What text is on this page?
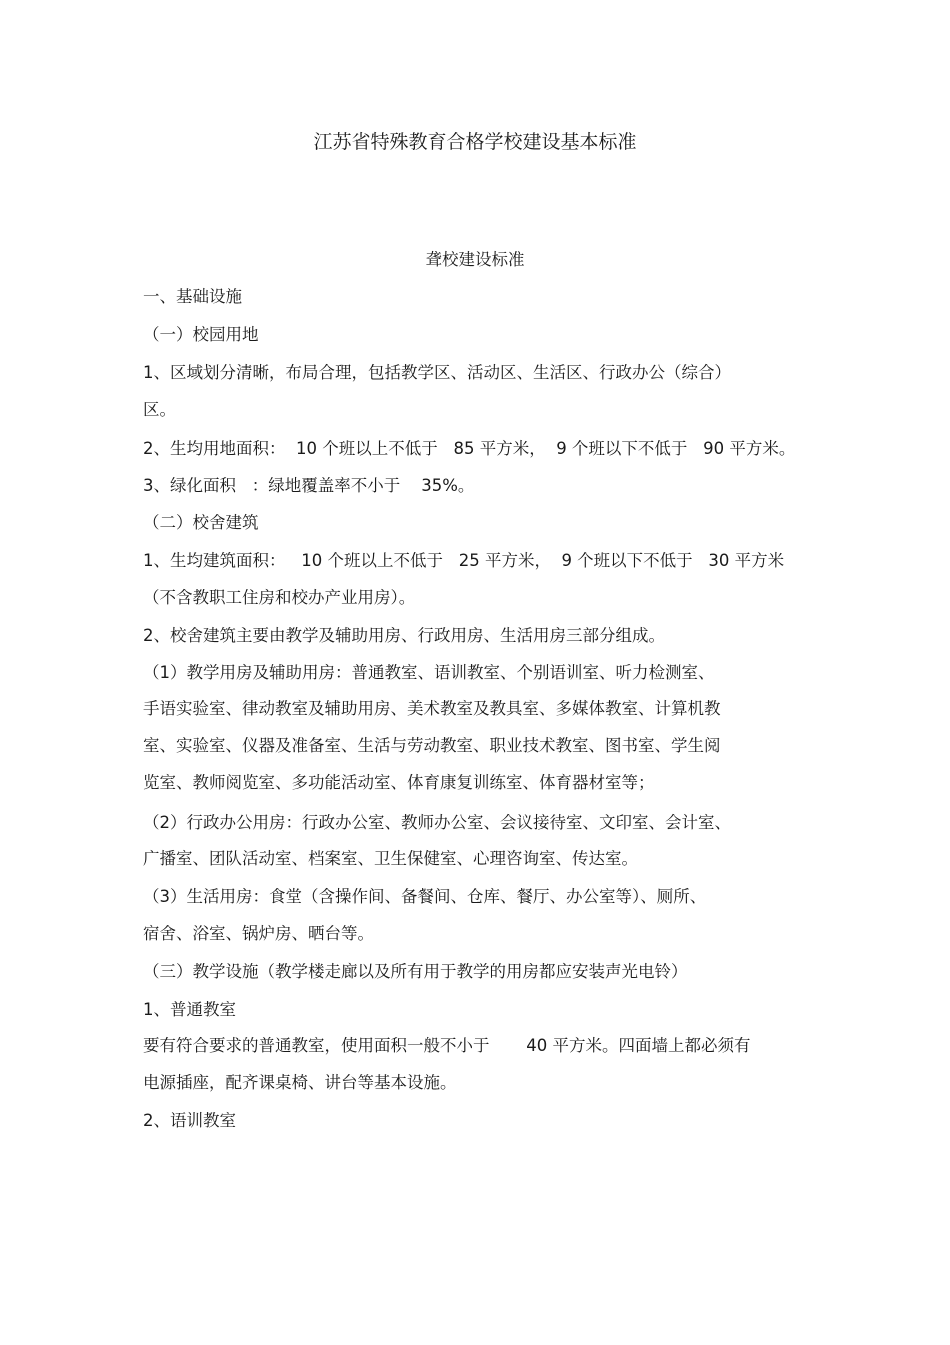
江苏省特殊教育合格学校建设基本标准
聋校建设标准
一、基础设施
（一）校园用地
1、区域划分清晰，布局合理，包括教学区、活动区、生活区、行政办公（综合）
区。
2、生均用地面积：  10 个班以上不低于   85 平方米，  9 个班以下不低于   90 平方米。
3、绿化面积   ：绿地覆盖率不小于    35%。
（二）校舍建筑
1、生均建筑面积：   10 个班以上不低于   25 平方米，  9 个班以下不低于   30 平方米
（不含教职工住房和校办产业用房）。
2、校舍建筑主要由教学及辅助用房、行政用房、生活用房三部分组成。
（1）教学用房及辅助用房：普通教室、语训教室、个别语训室、听力检测室、
手语实验室、律动教室及辅助用房、美术教室及教具室、多媒体教室、计算机教
室、实验室、仪器及准备室、生活与劳动教室、职业技术教室、图书室、学生阅
览室、教师阅览室、多功能活动室、体育康复训练室、体育器材室等；
（2）行政办公用房：行政办公室、教师办公室、会议接待室、文印室、会计室、
广播室、团队活动室、档案室、卫生保健室、心理咨询室、传达室。
（3）生活用房：食堂（含操作间、备餐间、仓库、餐厅、办公室等）、厕所、
宿舍、浴室、锅炉房、晒台等。
（三）教学设施（教学楼走廊以及所有用于教学的用房都应安装声光电铃）
1、普通教室
要有符合要求的普通教室，使用面积一般不小于       40 平方米。四面墙上都必须有
电源插座，配齐课桌椅、讲台等基本设施。
2、语训教室
